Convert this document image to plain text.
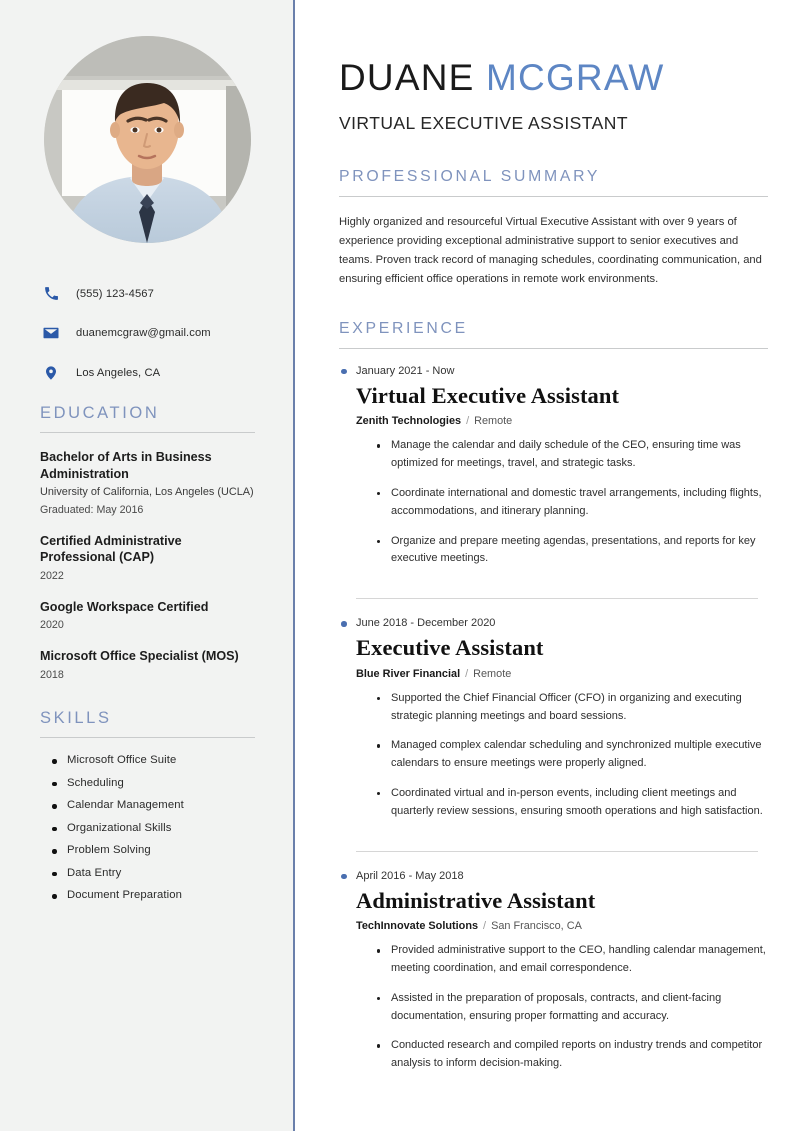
(555) 123-4567
duanemcgraw@gmail.com
Los Angeles, CA
EDUCATION
Bachelor of Arts in Business Administration
University of California, Los Angeles (UCLA)
Graduated: May 2016
Certified Administrative Professional (CAP)
2022
Google Workspace Certified
2020
Microsoft Office Specialist (MOS)
2018
SKILLS
Microsoft Office Suite
Scheduling
Calendar Management
Organizational Skills
Problem Solving
Data Entry
Document Preparation
DUANE MCGRAW
VIRTUAL EXECUTIVE ASSISTANT
PROFESSIONAL SUMMARY

Highly organized and resourceful Virtual Executive Assistant with over 9 years of experience providing exceptional administrative support to senior executives and teams. Proven track record of managing schedules, coordinating communication, and ensuring efficient office operations in remote work environments.

EXPERIENCE
January 2021 - Now
Virtual Executive Assistant
Zenith Technologies / Remote
Manage the calendar and daily schedule of the CEO, ensuring time was optimized for meetings, travel, and strategic tasks.
Coordinate international and domestic travel arrangements, including flights, accommodations, and itinerary planning.
Organize and prepare meeting agendas, presentations, and reports for key executive meetings.
June 2018 - December 2020
Executive Assistant
Blue River Financial / Remote
Supported the Chief Financial Officer (CFO) in organizing and executing strategic planning meetings and board sessions.
Managed complex calendar scheduling and synchronized multiple executive calendars to ensure meetings were properly aligned.
Coordinated virtual and in-person events, including client meetings and quarterly review sessions, ensuring smooth operations and high satisfaction.
April 2016 - May 2018
Administrative Assistant
TechInnovate Solutions / San Francisco, CA
Provided administrative support to the CEO, handling calendar management, meeting coordination, and email correspondence.
Assisted in the preparation of proposals, contracts, and client-facing documentation, ensuring proper formatting and accuracy.
Conducted research and compiled reports on industry trends and competitor analysis to inform decision-making.
